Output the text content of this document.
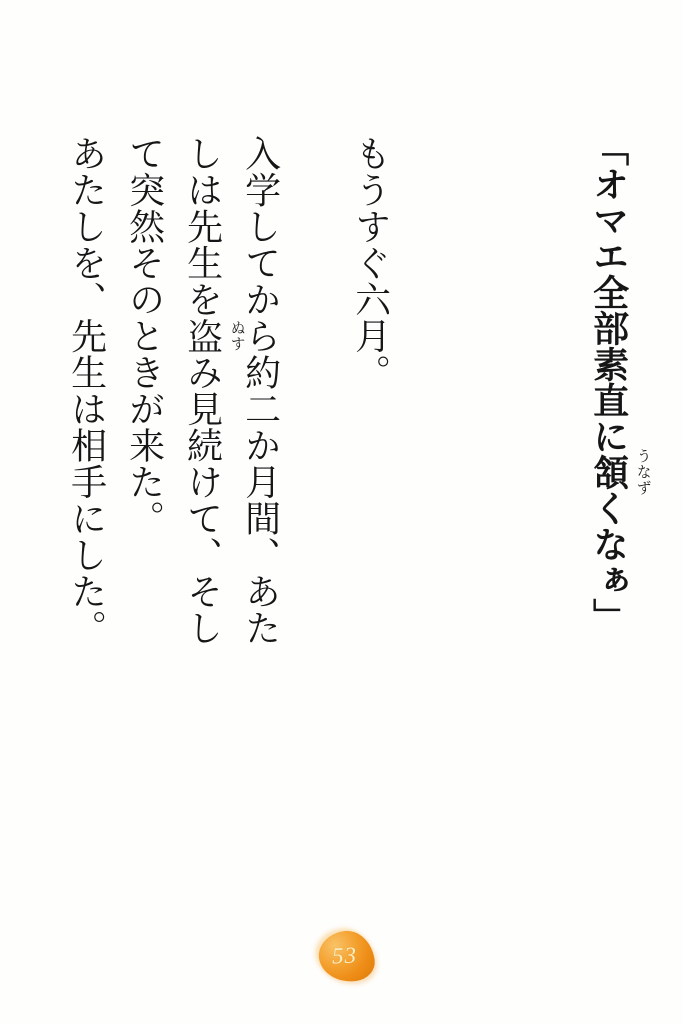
「オマエ全部素直に頷 うなず
くなぁ」
もうすぐ六月。
入学してから約二か月間、あた
しは先生を盗 ぬす
み見続けて、そし
て突然そのときが来た。
あたしを、先生は相手にした。
53
